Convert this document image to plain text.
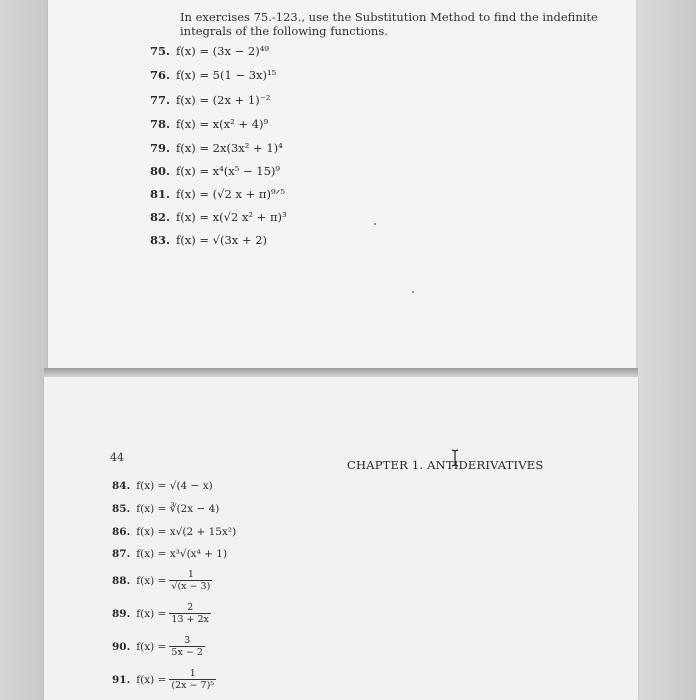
In exercises 75.-123., use the Substitution Method to find the indefinite integrals of the following functions.
75. f(x) = (3x − 2)⁴⁹
76. f(x) = 5(1 − 3x)¹⁵
77. f(x) = (2x + 1)⁻²
78. f(x) = x(x² + 4)⁹
79. f(x) = 2x(3x² + 1)⁴
80. f(x) = x⁴(x⁵ − 15)⁹
81. f(x) = (√2 x + π)⁹ᐟ⁵
82. f(x) = x(√2 x² + π)³
83. f(x) = √(3x + 2)
84. f(x) = √(4 − x)
85. f(x) = ∛(2x − 4)
86. f(x) = x√(2 + 15x²)
87. f(x) = x³√(x⁴ + 1)
88. $f(x) = \frac{1}{√(x - 3)}$
89. $f(x) = \frac{2}{13 + 2x}$
90. $f(x) = \frac{3}{5x - 2}$
91. $f(x) = \frac{1}{\text{(2x − 7)⁵}}$
44
CHAPTER 1. ANTIDERIVATIVES
